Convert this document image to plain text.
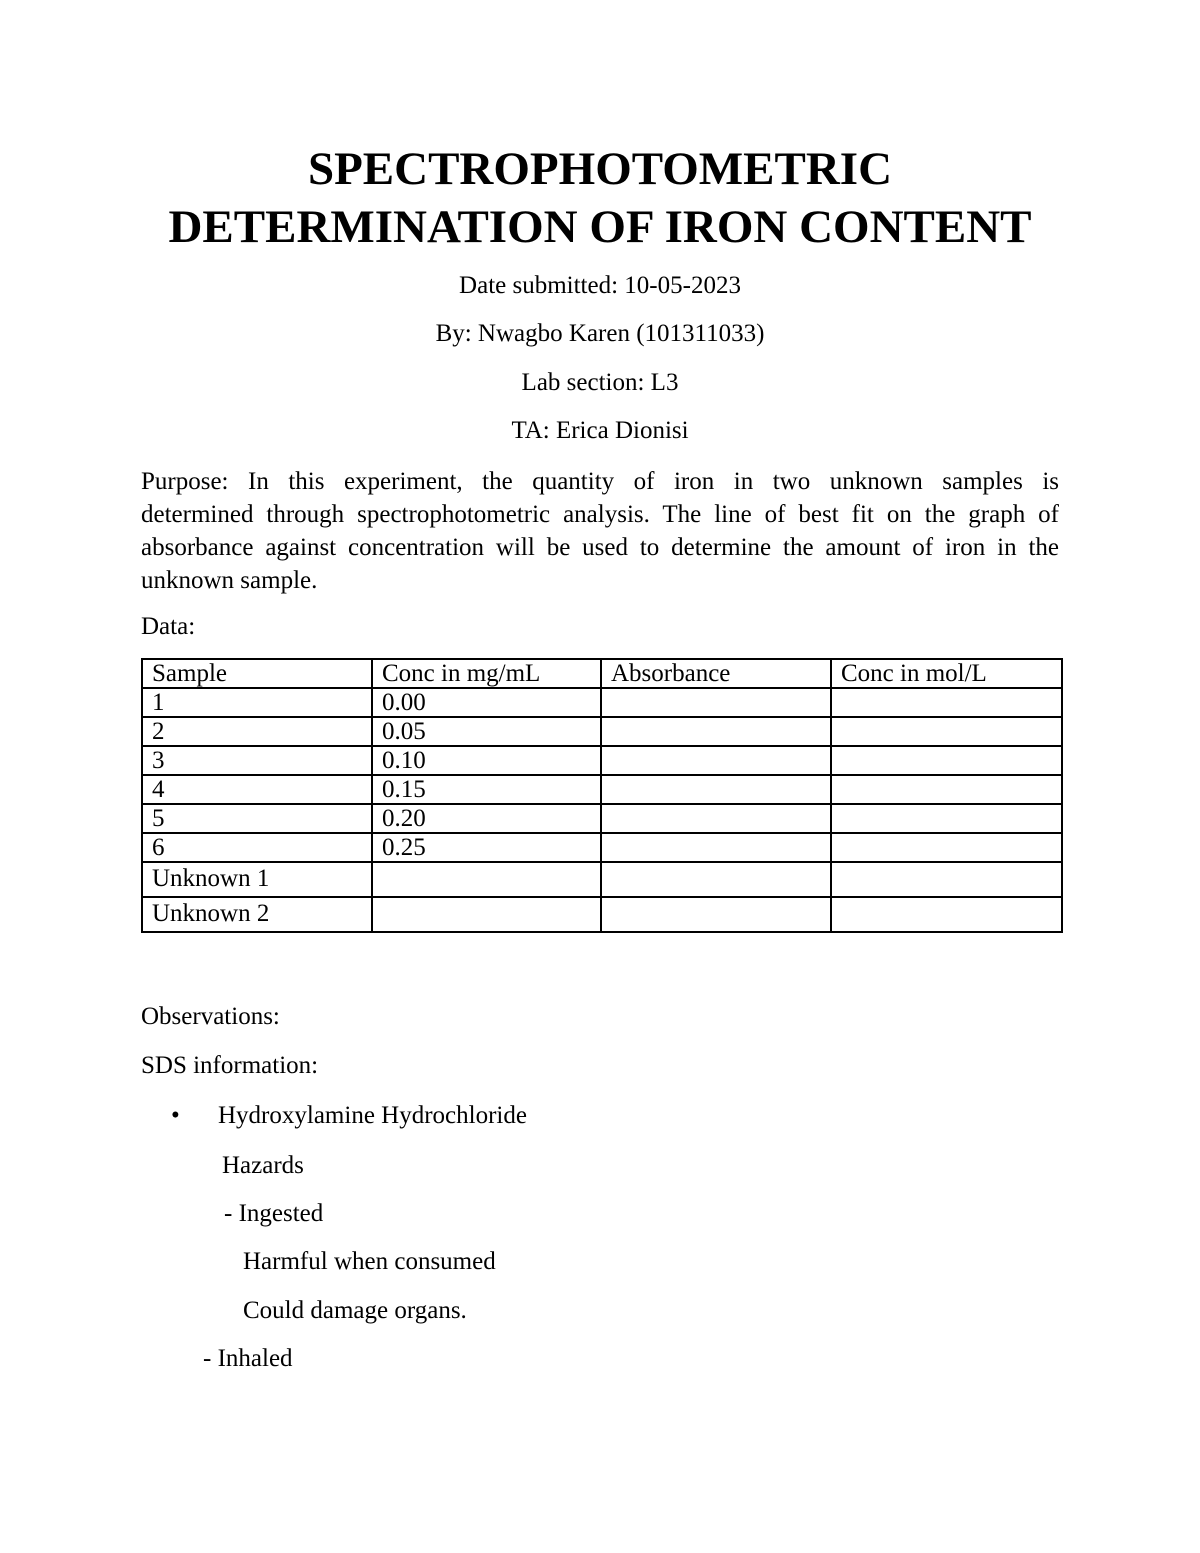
SPECTROPHOTOMETRIC
DETERMINATION OF IRON CONTENT
Date submitted: 10-05-2023
By: Nwagbo Karen (101311033)
Lab section: L3
TA: Erica Dionisi
Purpose: In this experiment, the quantity of iron in two unknown samples is
determined through spectrophotometric analysis. The line of best fit on the graph of
absorbance against concentration will be used to determine the amount of iron in the
unknown sample.
Data:
Sample	Conc in mg/mL	Absorbance	Conc in mol/L
1	0.00		
2	0.05		
3	0.10		
4	0.15		
5	0.20		
6	0.25		
Unknown 1			
Unknown 2			
Observations:
SDS information:
• Hydroxylamine Hydrochloride
Hazards
- Ingested
Harmful when consumed
Could damage organs.
- Inhaled
